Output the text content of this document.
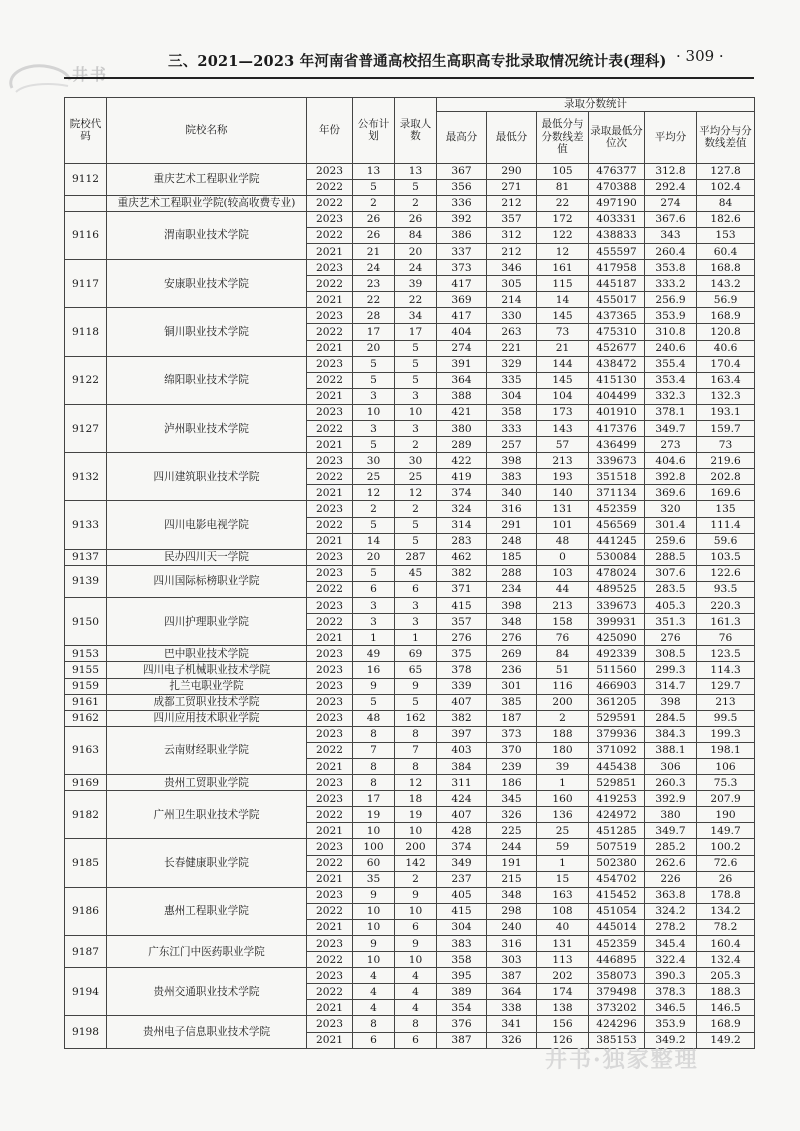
井书
三、2021—2023 年河南省普通高校招生高职高专批录取情况统计表(理科) · 309 ·
院校代码	院校名称	年份	公布计划	录取人数	录取分数统计					
					最高分	最低分	最低分与分数线差值	录取最低分位次	平均分	平均分与分数线差值
9112	重庆艺术工程职业学院	2023	13	13	367	290	105	476377	312.8	127.8
		2022	5	5	356	271	81	470388	292.4	102.4
	重庆艺术工程职业学院(较高收费专业)	2022	2	2	336	212	22	497190	274	84
9116	渭南职业技术学院	2023	26	26	392	357	172	403331	367.6	182.6
		2022	26	84	386	312	122	438833	343	153
		2021	21	20	337	212	12	455597	260.4	60.4
9117	安康职业技术学院	2023	24	24	373	346	161	417958	353.8	168.8
		2022	23	39	417	305	115	445187	333.2	143.2
		2021	22	22	369	214	14	455017	256.9	56.9
9118	铜川职业技术学院	2023	28	34	417	330	145	437365	353.9	168.9
		2022	17	17	404	263	73	475310	310.8	120.8
		2021	20	5	274	221	21	452677	240.6	40.6
9122	绵阳职业技术学院	2023	5	5	391	329	144	438472	355.4	170.4
		2022	5	5	364	335	145	415130	353.4	163.4
		2021	3	3	388	304	104	404499	332.3	132.3
9127	泸州职业技术学院	2023	10	10	421	358	173	401910	378.1	193.1
		2022	3	3	380	333	143	417376	349.7	159.7
		2021	5	2	289	257	57	436499	273	73
9132	四川建筑职业技术学院	2023	30	30	422	398	213	339673	404.6	219.6
		2022	25	25	419	383	193	351518	392.8	202.8
		2021	12	12	374	340	140	371134	369.6	169.6
9133	四川电影电视学院	2023	2	2	324	316	131	452359	320	135
		2022	5	5	314	291	101	456569	301.4	111.4
		2021	14	5	283	248	48	441245	259.6	59.6
9137	民办四川天一学院	2023	20	287	462	185	0	530084	288.5	103.5
9139	四川国际标榜职业学院	2023	5	45	382	288	103	478024	307.6	122.6
		2022	6	6	371	234	44	489525	283.5	93.5
9150	四川护理职业学院	2023	3	3	415	398	213	339673	405.3	220.3
		2022	3	3	357	348	158	399931	351.3	161.3
		2021	1	1	276	276	76	425090	276	76
9153	巴中职业技术学院	2023	49	69	375	269	84	492339	308.5	123.5
9155	四川电子机械职业技术学院	2023	16	65	378	236	51	511560	299.3	114.3
9159	扎兰屯职业学院	2023	9	9	339	301	116	466903	314.7	129.7
9161	成都工贸职业技术学院	2023	5	5	407	385	200	361205	398	213
9162	四川应用技术职业学院	2023	48	162	382	187	2	529591	284.5	99.5
9163	云南财经职业学院	2023	8	8	397	373	188	379936	384.3	199.3
		2022	7	7	403	370	180	371092	388.1	198.1
		2021	8	8	384	239	39	445438	306	106
9169	贵州工贸职业学院	2023	8	12	311	186	1	529851	260.3	75.3
9182	广州卫生职业技术学院	2023	17	18	424	345	160	419253	392.9	207.9
		2022	19	19	407	326	136	424972	380	190
		2021	10	10	428	225	25	451285	349.7	149.7
9185	长春健康职业学院	2023	100	200	374	244	59	507519	285.2	100.2
		2022	60	142	349	191	1	502380	262.6	72.6
		2021	35	2	237	215	15	454702	226	26
9186	惠州工程职业学院	2023	9	9	405	348	163	415452	363.8	178.8
		2022	10	10	415	298	108	451054	324.2	134.2
		2021	10	6	304	240	40	445014	278.2	78.2
9187	广东江门中医药职业学院	2023	9	9	383	316	131	452359	345.4	160.4
		2022	10	10	358	303	113	446895	322.4	132.4
9194	贵州交通职业技术学院	2023	4	4	395	387	202	358073	390.3	205.3
		2022	4	4	389	364	174	379498	378.3	188.3
		2021	4	4	354	338	138	373202	346.5	146.5
9198	贵州电子信息职业技术学院	2023	8	8	376	341	156	424296	353.9	168.9
		2021	6	6	387	326	126	385153	349.2	149.2
井书·独家整理
